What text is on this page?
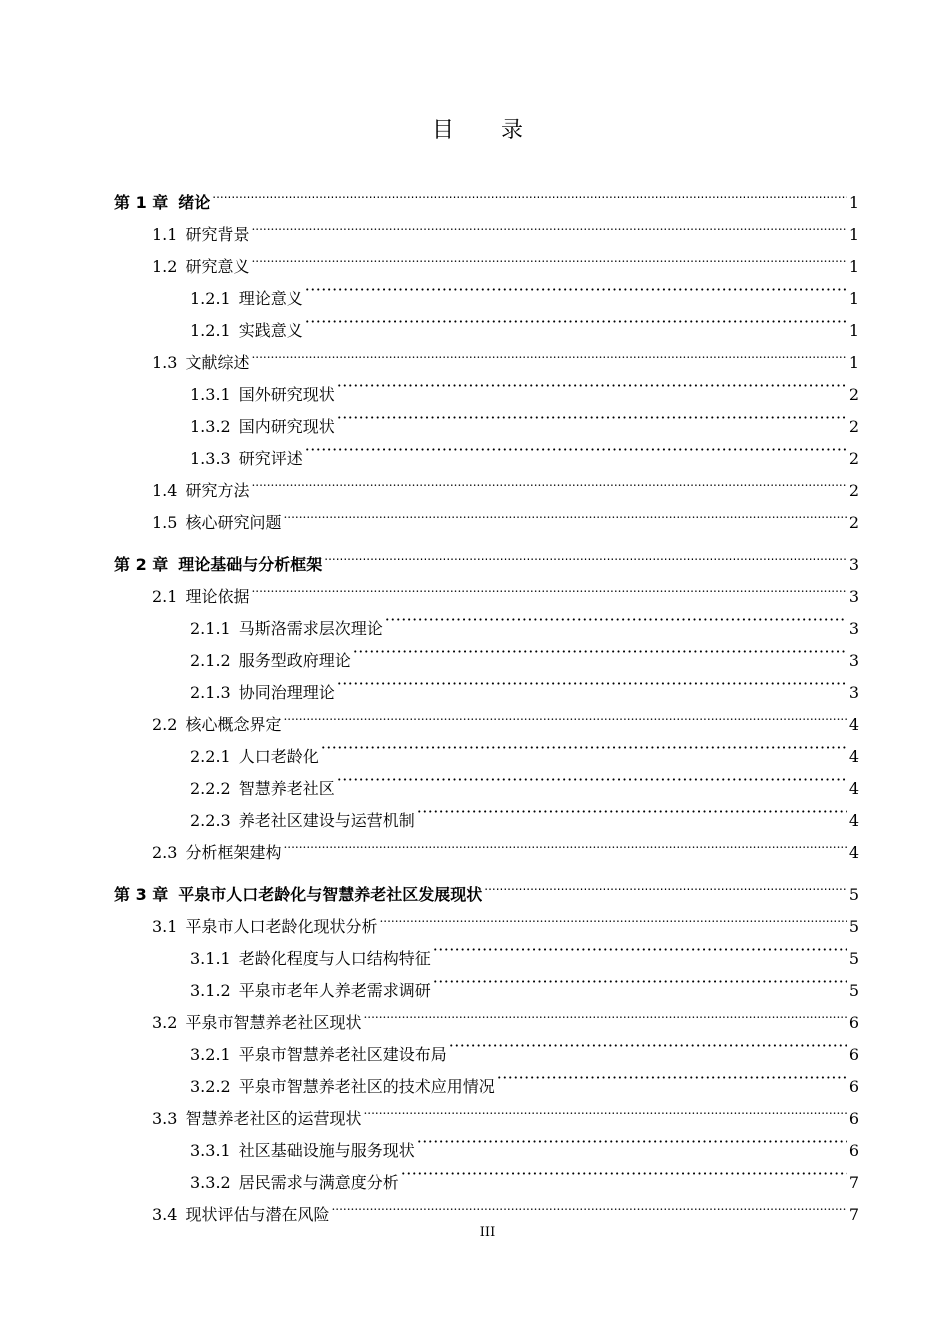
目 录
第 1 章 绪论 .....	1
1.1 研究背景 .....	1
1.2 研究意义 .....	1
1.2.1 理论意义 ·····	1
1.2.1 实践意义 ·····	1
1.3 文献综述 .....	1
1.3.1 国外研究现状 ·····	2
1.3.2 国内研究现状 ·····	2
1.3.3 研究评述 ·····	2
1.4 研究方法 .....	2
1.5 核心研究问题 .....	2
第 2 章 理论基础与分析框架 .....	3
2.1 理论依据 .....	3
2.1.1 马斯洛需求层次理论 ·····	3
2.1.2 服务型政府理论 ·····	3
2.1.3 协同治理理论 ·····	3
2.2 核心概念界定 .....	4
2.2.1 人口老龄化 ·····	4
2.2.2 智慧养老社区 ·····	4
2.2.3 养老社区建设与运营机制 ·····	4
2.3 分析框架建构 .....	4
第 3 章 平泉市人口老龄化与智慧养老社区发展现状 .....	5
3.1 平泉市人口老龄化现状分析 .....	5
3.1.1 老龄化程度与人口结构特征 ·····	5
3.1.2 平泉市老年人养老需求调研 ·····	5
3.2 平泉市智慧养老社区现状 .....	6
3.2.1 平泉市智慧养老社区建设布局 ·····	6
3.2.2 平泉市智慧养老社区的技术应用情况 ·····	6
3.3 智慧养老社区的运营现状 .....	6
3.3.1 社区基础设施与服务现状 ·····	6
3.3.2 居民需求与满意度分析 ·····	7
3.4 现状评估与潜在风险 .....	7
III
